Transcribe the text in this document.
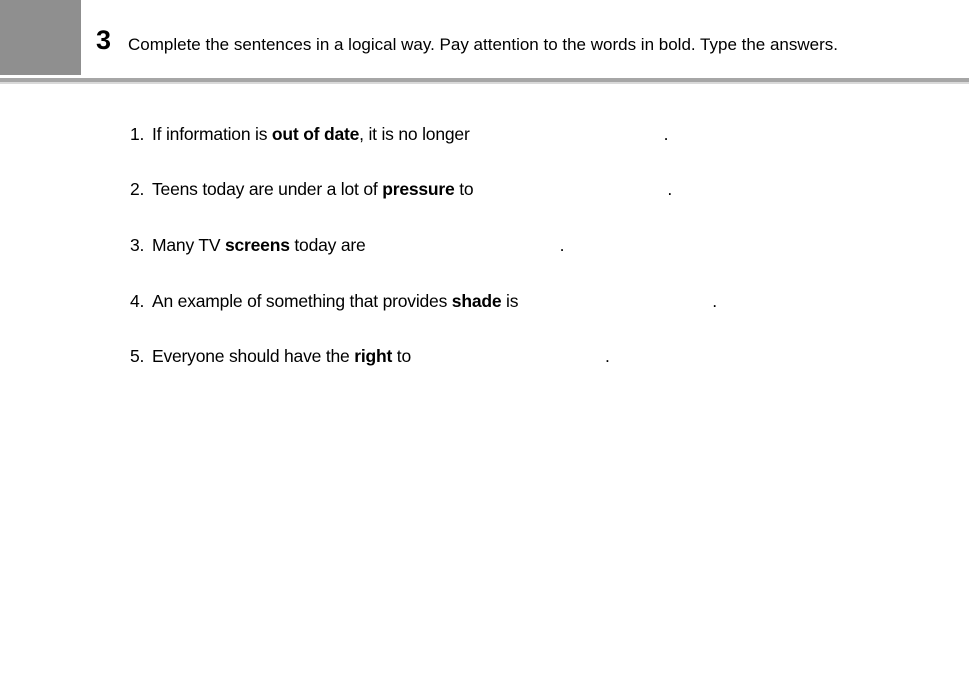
3 Complete the sentences in a logical way. Pay attention to the words in bold. Type the answers.
1. If information is out of date, it is no longer	.
2. Teens today are under a lot of pressure to	.
3. Many TV screens today are	.
4. An example of something that provides shade is	.
5. Everyone should have the right to	.
